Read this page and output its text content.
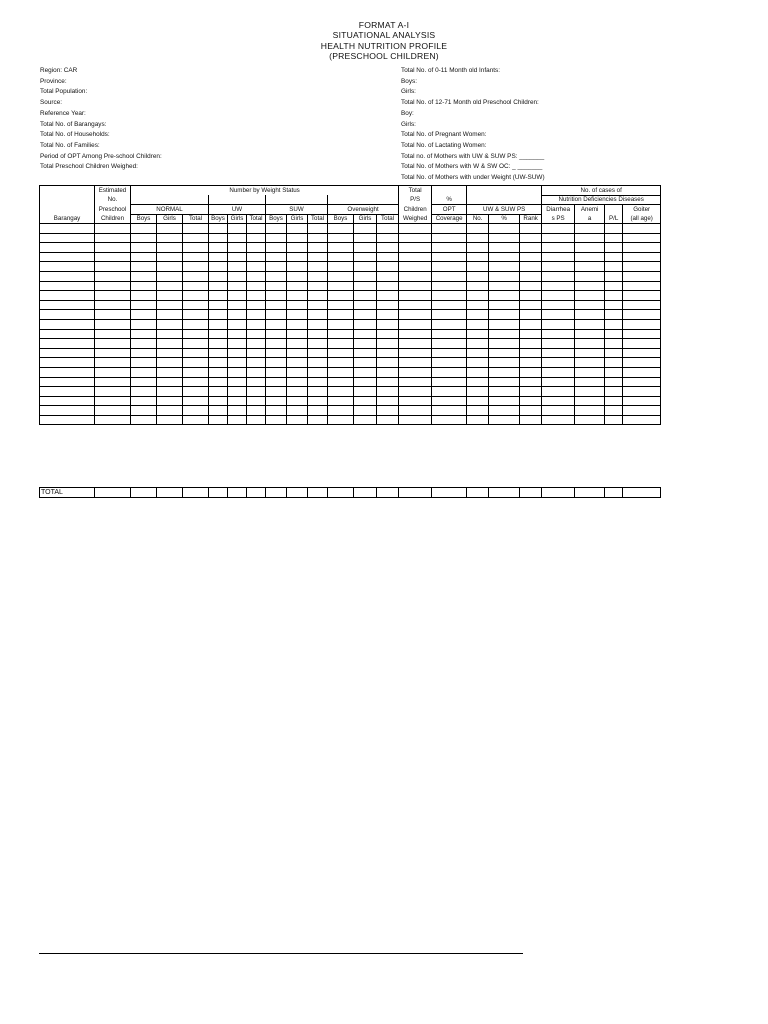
FORMAT A-I
SITUATIONAL ANALYSIS
HEALTH NUTRITION PROFILE
(PRESCHOOL CHILDREN)
Region: CAR
Province:
Total Population:
Source:
Reference Year:
Total No. of Barangays:
Total No. of Households:
Total No. of Families:
Period of OPT Among Pre-school Children:
Total Preschool Children Weighed:
Total No. of 0-11 Month old Infants:
Boys:
Girls:
Total No. of 12-71 Month old Preschool Children:
Boy:
Girls:
Total No. of Pregnant Women:
Total No. of Lactating Women:
Total no. of Mothers with UW & SUW PS: _______
Total No. of Mothers with W & SW OC: _ _______
Total No. of Mothers with under Weight (UW-SUW)
	Estimated	Number by Weight Status												Total					No. of cases of			
	No.													P/S	%				Nutrition Deficiencies Diseases			
	Preschool	NORMAL			UW			SUW			Overweight			Children	OPT	UW & SUW PS			Diarrhea	Anemi		Goiter
Barangay	Children	Boys	Girls	Total	Boys	Girls	Total	Boys	Girls	Total	Boys	Girls	Total	Weighed	Coverage	No.	%	Rank	s PS	a	P/L	(all age)

TOTAL																						
